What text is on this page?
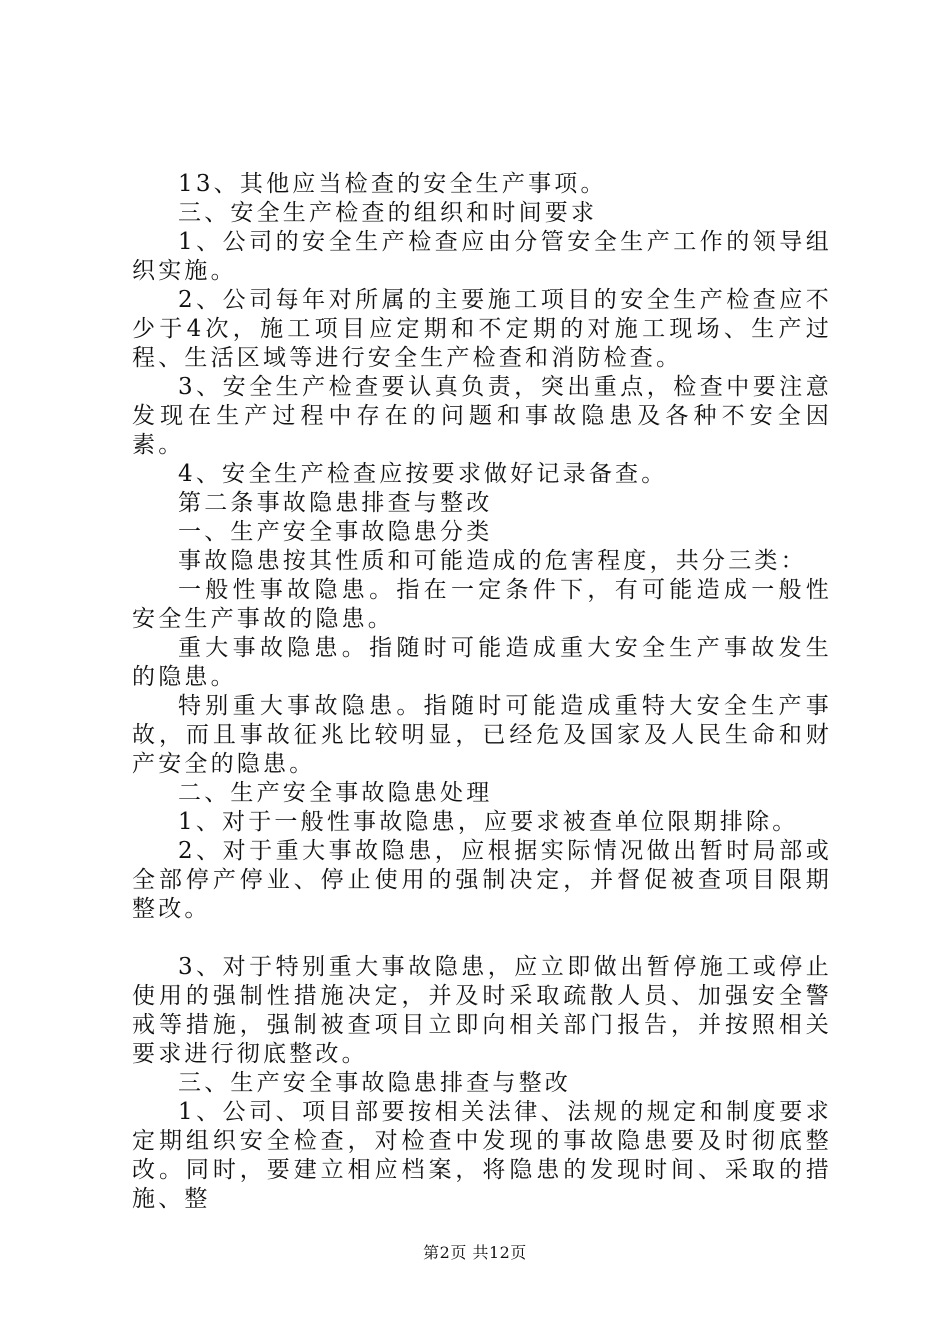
13、其他应当检查的安全生产事项。

三、安全生产检查的组织和时间要求

1、公司的安全生产检查应由分管安全生产工作的领导组织实施。

2、公司每年对所属的主要施工项目的安全生产检查应不少于4次，施工项目应定期和不定期的对施工现场、生产过程、生活区域等进行安全生产检查和消防检查。

3、安全生产检查要认真负责，突出重点，检查中要注意发现在生产过程中存在的问题和事故隐患及各种不安全因素。

4、安全生产检查应按要求做好记录备查。

第二条事故隐患排查与整改

一、生产安全事故隐患分类

事故隐患按其性质和可能造成的危害程度，共分三类：

一般性事故隐患。指在一定条件下，有可能造成一般性安全生产事故的隐患。

重大事故隐患。指随时可能造成重大安全生产事故发生的隐患。

特别重大事故隐患。指随时可能造成重特大安全生产事故，而且事故征兆比较明显，已经危及国家及人民生命和财产安全的隐患。

二、生产安全事故隐患处理

1、对于一般性事故隐患，应要求被查单位限期排除。

2、对于重大事故隐患，应根据实际情况做出暂时局部或全部停产停业、停止使用的强制决定，并督促被查项目限期整改。

3、对于特别重大事故隐患，应立即做出暂停施工或停止使用的强制性措施决定，并及时采取疏散人员、加强安全警戒等措施，强制被查项目立即向相关部门报告，并按照相关要求进行彻底整改。

三、生产安全事故隐患排查与整改

1、公司、项目部要按相关法律、法规的规定和制度要求定期组织安全检查，对检查中发现的事故隐患要及时彻底整改。同时，要建立相应档案，将隐患的发现时间、采取的措施、整

第2页 共12页
